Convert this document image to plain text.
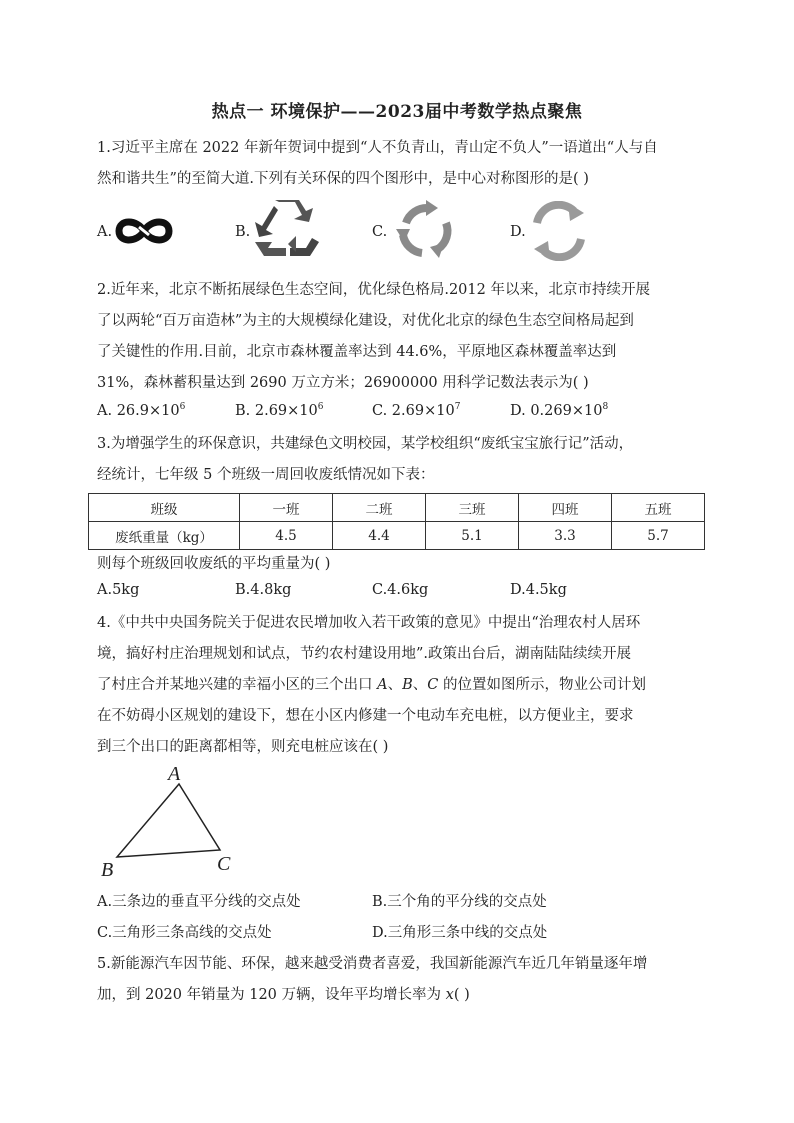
热点一 环境保护——2023届中考数学热点聚焦
1.习近平主席在 2022 年新年贺词中提到“人不负青山，青山定不负人”一语道出“人与自
然和谐共生”的至简大道.下列有关环保的四个图形中，是中心对称图形的是( )
A.	B.	C.	D.
2.近年来，北京不断拓展绿色生态空间，优化绿色格局.2012 年以来，北京市持续开展
了以两轮“百万亩造林”为主的大规模绿化建设，对优化北京的绿色生态空间格局起到
了关键性的作用.目前，北京市森林覆盖率达到 44.6%，平原地区森林覆盖率达到
31%，森林蓄积量达到 2690 万立方米；26900000 用科学记数法表示为( )
A. $26.9\times 10^6$	B. $2.69\times 10^6$	C. $2.69\times 10^7$	D. $0.269\times 10^8$
3.为增强学生的环保意识，共建绿色文明校园，某学校组织“废纸宝宝旅行记”活动，
经统计，七年级 5 个班级一周回收废纸情况如下表：
班级	一班	二班	三班	四班	五班
废纸重量（kg）	4.5	4.4	5.1	3.3	5.7
则每个班级回收废纸的平均重量为( )
A.5kg	B.4.8kg	C.4.6kg	D.4.5kg
4.《中共中央国务院关于促进农民增加收入若干政策的意见》中提出“治理农村人居环
境，搞好村庄治理规划和试点，节约农村建设用地”.政策出台后，湖南陆陆续续开展
了村庄合并某地兴建的幸福小区的三个出口 A、B、C 的位置如图所示，物业公司计划
在不妨碍小区规划的建设下，想在小区内修建一个电动车充电桩，以方便业主，要求
到三个出口的距离都相等，则充电桩应该在( )
A
B	C
A.三条边的垂直平分线的交点处	B.三个角的平分线的交点处
C.三角形三条高线的交点处	D.三角形三条中线的交点处
5.新能源汽车因节能、环保，越来越受消费者喜爱，我国新能源汽车近几年销量逐年增
加，到 2020 年销量为 120 万辆，设年平均增长率为 x( )
